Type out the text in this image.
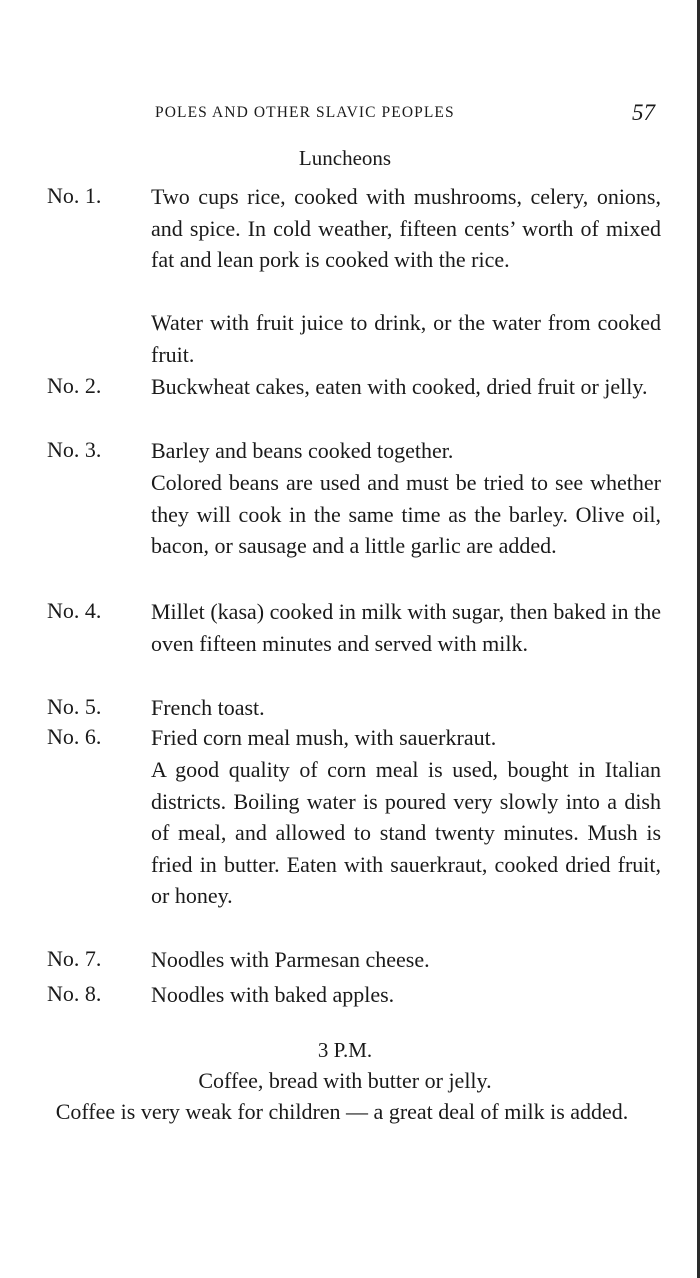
POLES AND OTHER SLAVIC PEOPLES	57
Luncheons
No. 1. Two cups rice, cooked with mushrooms, celery, onions, and spice. In cold weather, fifteen cents’ worth of mixed fat and lean pork is cooked with the rice.
Water with fruit juice to drink, or the water from cooked fruit.
No. 2. Buckwheat cakes, eaten with cooked, dried fruit or jelly.
No. 3. Barley and beans cooked together.
Colored beans are used and must be tried to see whether they will cook in the same time as the barley. Olive oil, bacon, or sausage and a little garlic are added.
No. 4. Millet (kasa) cooked in milk with sugar, then baked in the oven fifteen minutes and served with milk.
No. 5. French toast.
No. 6. Fried corn meal mush, with sauerkraut.
A good quality of corn meal is used, bought in Italian districts. Boiling water is poured very slowly into a dish of meal, and allowed to stand twenty minutes. Mush is fried in butter. Eaten with sauerkraut, cooked dried fruit, or honey.
No. 7. Noodles with Parmesan cheese.
No. 8. Noodles with baked apples.
3 P.M.
Coffee, bread with butter or jelly.
Coffee is very weak for children — a great deal of milk is added.
